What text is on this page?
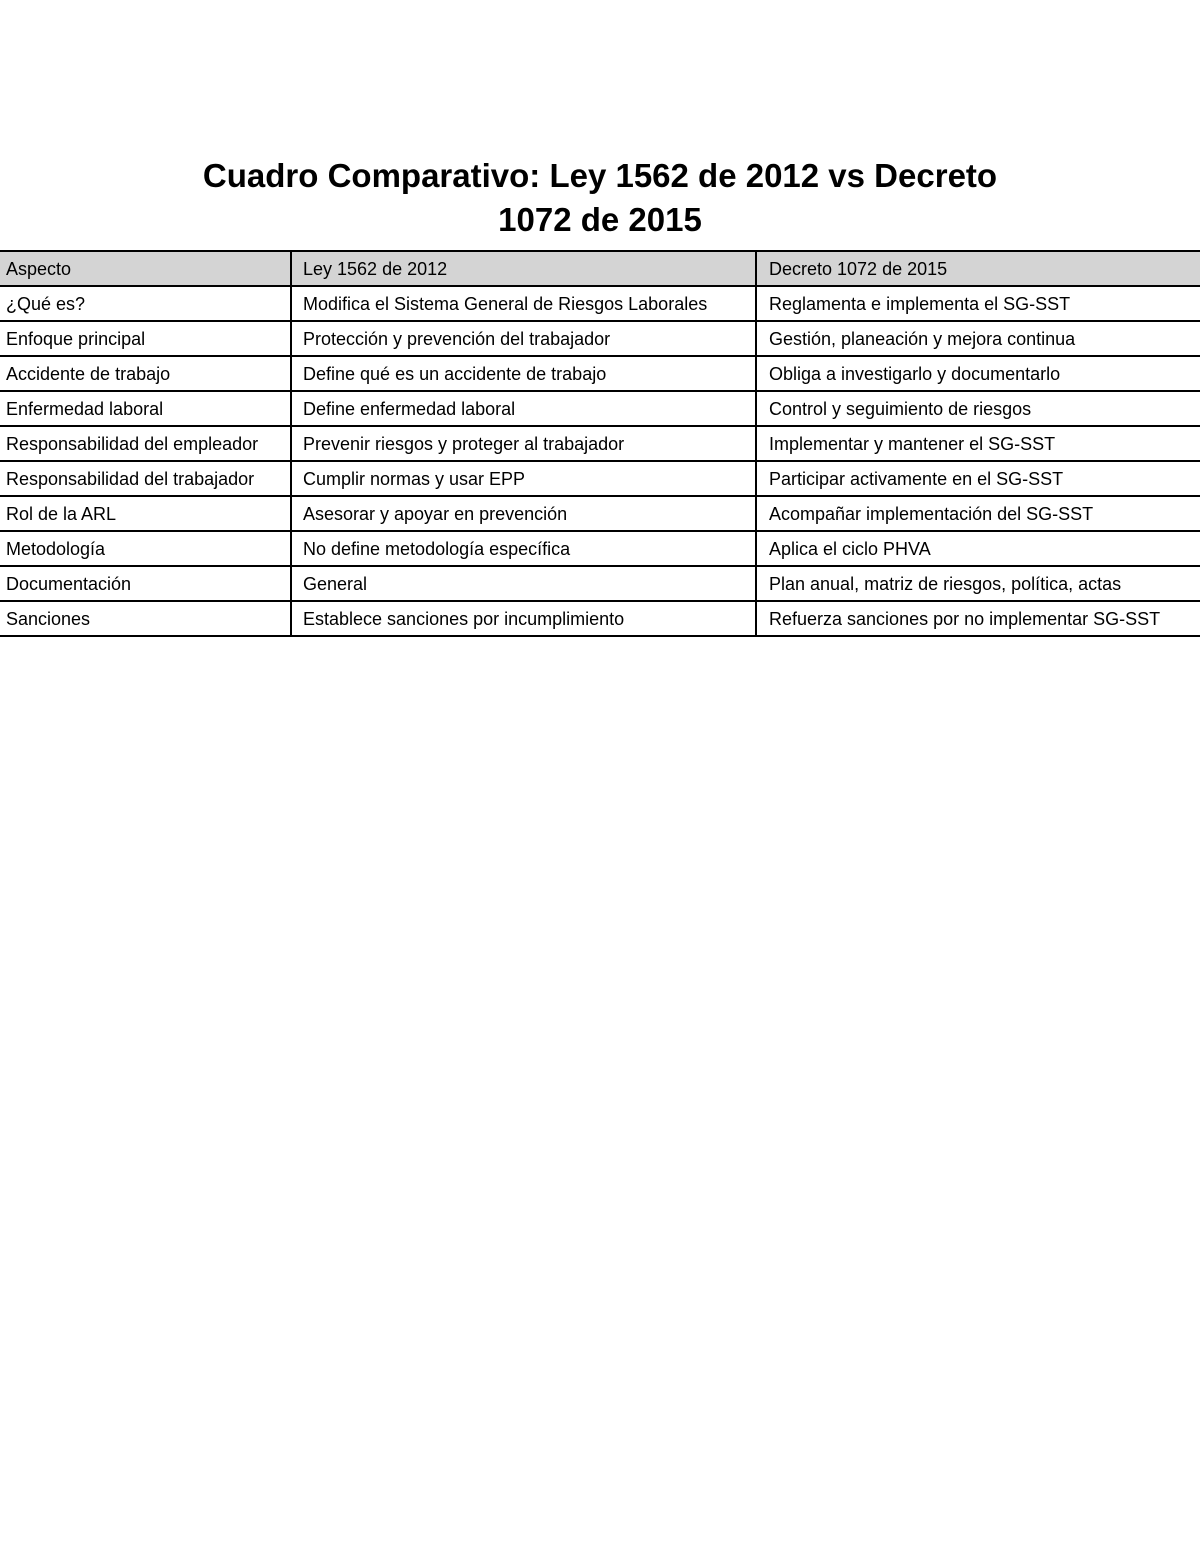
Cuadro Comparativo: Ley 1562 de 2012 vs Decreto
1072 de 2015
Aspecto	Ley 1562 de 2012	Decreto 1072 de 2015
¿Qué es?	Modifica el Sistema General de Riesgos Laborales	Reglamenta e implementa el SG-SST
Enfoque principal	Protección y prevención del trabajador	Gestión, planeación y mejora continua
Accidente de trabajo	Define qué es un accidente de trabajo	Obliga a investigarlo y documentarlo
Enfermedad laboral	Define enfermedad laboral	Control y seguimiento de riesgos
Responsabilidad del empleador	Prevenir riesgos y proteger al trabajador	Implementar y mantener el SG-SST
Responsabilidad del trabajador	Cumplir normas y usar EPP	Participar activamente en el SG-SST
Rol de la ARL	Asesorar y apoyar en prevención	Acompañar implementación del SG-SST
Metodología	No define metodología específica	Aplica el ciclo PHVA
Documentación	General	Plan anual, matriz de riesgos, política, actas
Sanciones	Establece sanciones por incumplimiento	Refuerza sanciones por no implementar SG-SST
